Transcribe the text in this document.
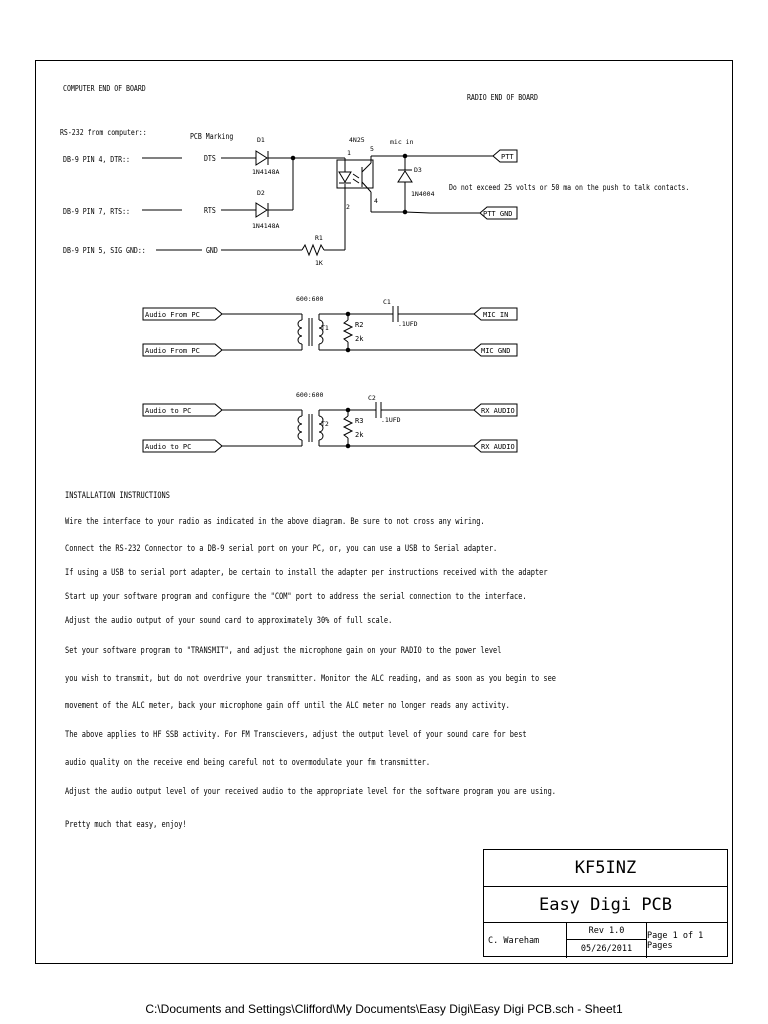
COMPUTER END OF BOARD
RADIO END OF BOARD
RS-232 from computer::	PCB Marking
DB-9 PIN 4, DTR::
DB-9 PIN 7, RTS::
DB-9 PIN 5, SIG GND::
DTS
RTS
GND
D1
1N4148A
D2
1N4148A
R1
1K
4N25
1
2
4
5
mic in
D3
1N4004
PTT
PTT GND
Do not exceed 25 volts or 50 ma on the push to talk contacts.
Audio From PC
Audio From PC
600:600
T1	R2
2k
C1
.1UFD
MIC IN
MIC GND
Audio to PC
Audio to PC
600:600
T2	R3
2k
C2
.1UFD
RX AUDIO
RX AUDIO
INSTALLATION INSTRUCTIONS
Wire the interface to your radio as indicated in the above diagram. Be sure to not cross any wiring.
Connect the RS-232 Connector to a DB-9 serial port on your PC, or, you can use a USB to Serial adapter.
If using a USB to serial port adapter, be certain to install the adapter per instructions received with the adapter
Start up your software program and configure the "COM" port to address the serial connection to the interface.
Adjust the audio output of your sound card to approximately 30% of full scale.
Set your software program to "TRANSMIT", and adjust the microphone gain on your RADIO to the power level
you wish to transmit, but do not overdrive your transmitter. Monitor the ALC reading, and as soon as you begin to see
movement of the ALC meter, back your microphone gain off until the ALC meter no longer reads any activity.
The above applies to HF SSB activity. For FM Transcievers, adjust the output level of your sound care for best
audio quality on the receive end being careful not to overmodulate your fm transmitter.
Adjust the audio output level of your received audio to the appropriate level for the software program you are using.
Pretty much that easy, enjoy!
KF5INZ
Easy Digi PCB
C. Wareham
Rev 1.0
05/26/2011
Page 1 of 1 Pages
C:\Documents and Settings\Clifford\My Documents\Easy Digi\Easy Digi PCB.sch - Sheet1
